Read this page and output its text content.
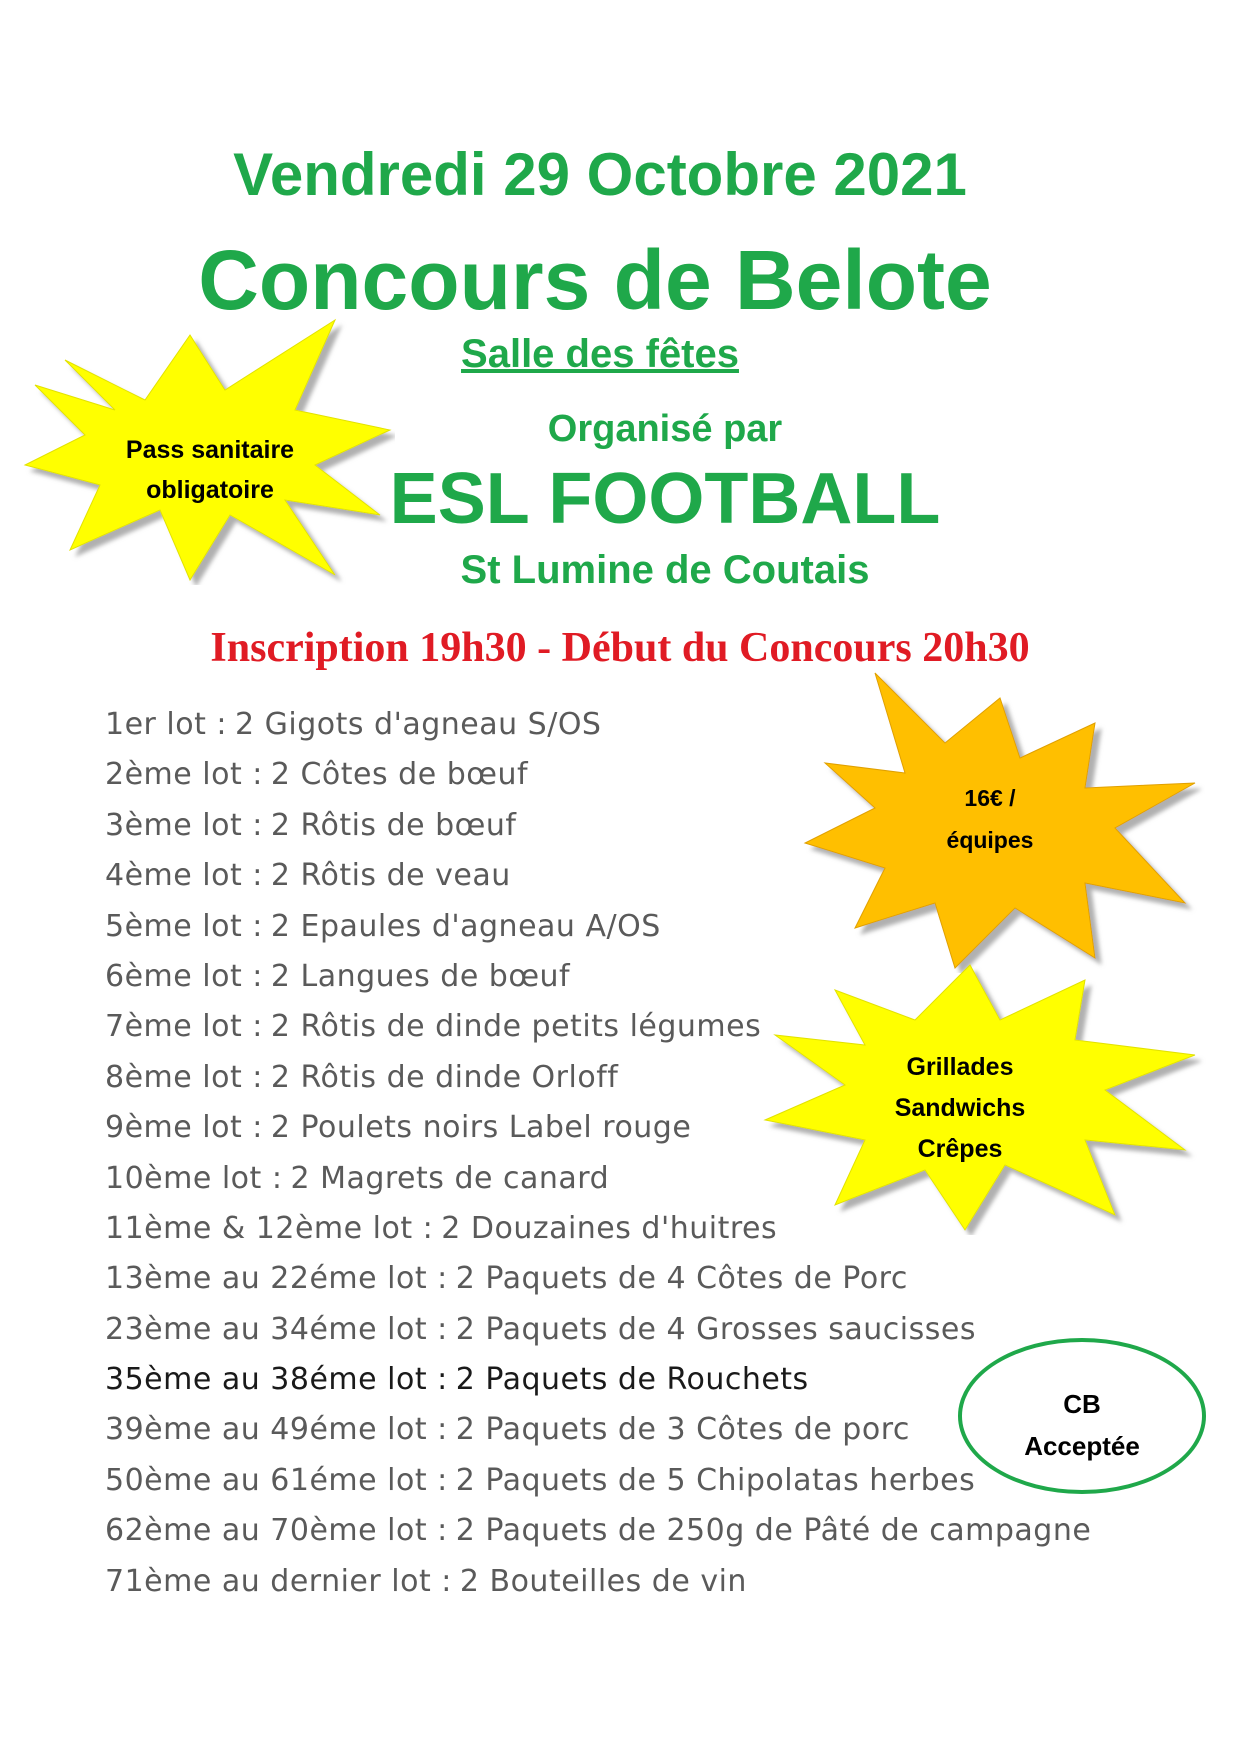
Vendredi 29 Octobre 2021
Concours de Belote
Salle des fêtes
Organisé par
ESL FOOTBALL
St Lumine de Coutais
Inscription 19h30 - Début du Concours 20h30
Pass sanitaire
obligatoire
16€ /
équipes
Grillades
Sandwichs
Crêpes
1er lot : 2 Gigots d'agneau S/OS
2ème lot : 2 Côtes de bœuf
3ème lot : 2 Rôtis de bœuf
4ème lot : 2 Rôtis de veau
5ème lot : 2 Epaules d'agneau A/OS
6ème lot : 2 Langues de bœuf
7ème lot : 2 Rôtis de dinde petits légumes
8ème lot : 2 Rôtis de dinde Orloff
9ème lot : 2 Poulets noirs Label rouge
10ème lot : 2 Magrets de canard
11ème & 12ème lot : 2 Douzaines d'huitres
13ème au 22éme lot : 2 Paquets de 4 Côtes de Porc
23ème au 34éme lot : 2 Paquets de 4 Grosses saucisses
35ème au 38éme lot : 2 Paquets de Rouchets
39ème au 49éme lot : 2 Paquets de 3 Côtes de porc
50ème au 61éme lot : 2 Paquets de 5 Chipolatas herbes
62ème au 70ème lot : 2 Paquets de 250g de Pâté de campagne
71ème au dernier lot : 2 Bouteilles de vin
CB
Acceptée
